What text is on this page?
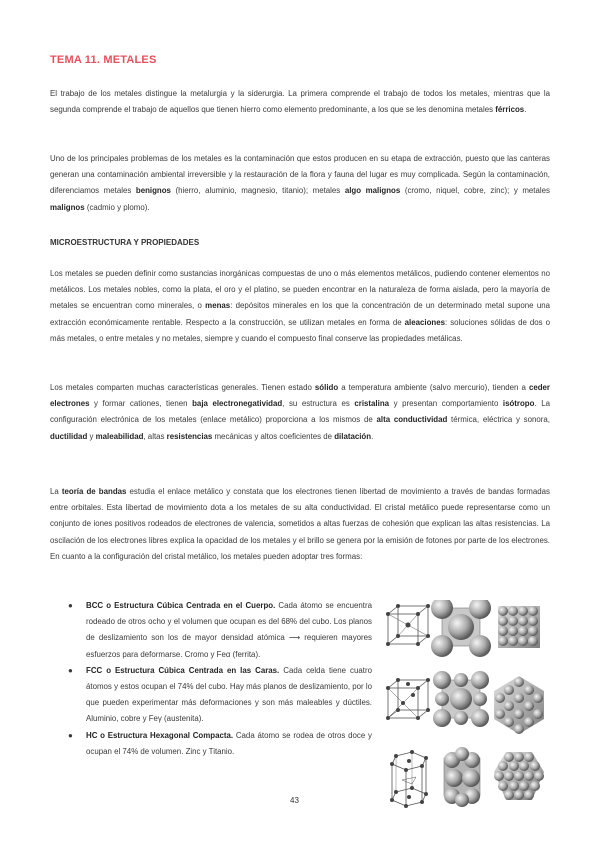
TEMA 11. METALES

El trabajo de los metales distingue la metalurgia y la siderurgia. La primera comprende el trabajo de todos los metales, mientras que la segunda comprende el trabajo de aquellos que tienen hierro como elemento predominante, a los que se les denomina metales férricos.

Uno de los principales problemas de los metales es la contaminación que estos producen en su etapa de extracción, puesto que las canteras generan una contaminación ambiental irreversible y la restauración de la flora y fauna del lugar es muy complicada. Según la contaminación, diferenciamos metales benignos (hierro, aluminio, magnesio, titanio); metales algo malignos (cromo, niquel, cobre, zinc); y metales malignos (cadmio y plomo).

MICROESTRUCTURA Y PROPIEDADES

Los metales se pueden definir como sustancias inorgánicas compuestas de uno o más elementos metálicos, pudiendo contener elementos no metálicos. Los metales nobles, como la plata, el oro y el platino, se pueden encontrar en la naturaleza de forma aislada, pero la mayoría de metales se encuentran como minerales, o menas: depósitos minerales en los que la concentración de un determinado metal supone una extracción económicamente rentable. Respecto a la construcción, se utilizan metales en forma de aleaciones: soluciones sólidas de dos o más metales, o entre metales y no metales, siempre y cuando el compuesto final conserve las propiedades metálicas.

Los metales comparten muchas características generales. Tienen estado sólido a temperatura ambiente (salvo mercurio), tienden a ceder electrones y formar cationes, tienen baja electronegatividad, su estructura es cristalina y presentan comportamiento isótropo. La configuración electrónica de los metales (enlace metálico) proporciona a los mismos de alta conductividad térmica, eléctrica y sonora, ductilidad y maleabilidad, altas resistencias mecánicas y altos coeficientes de dilatación.

La teoría de bandas estudia el enlace metálico y constata que los electrones tienen libertad de movimiento a través de bandas formadas entre orbitales. Esta libertad de movimiento dota a los metales de su alta conductividad. El cristal metálico puede representarse como un conjunto de iones positivos rodeados de electrones de valencia, sometidos a altas fuerzas de cohesión que explican las altas resistencias. La oscilación de los electrones libres explica la opacidad de los metales y el brillo se genera por la emisión de fotones por parte de los electrones. En cuanto a la configuración del cristal metálico, los metales pueden adoptar tres formas:

● BCC o Estructura Cúbica Centrada en el Cuerpo. Cada átomo se encuentra rodeado de otros ocho y el volumen que ocupan es del 68% del cubo. Los planos de deslizamiento son los de mayor densidad atómica ⟶ requieren mayores esfuerzos para deformarse. Cromo y Feα (ferrita).
● FCC o Estructura Cúbica Centrada en las Caras. Cada celda tiene cuatro átomos y estos ocupan el 74% del cubo. Hay más planos de deslizamiento, por lo que pueden experimentar más deformaciones y son más maleables y dúctiles. Aluminio, cobre y Feγ (austenita).
● HC o Estructura Hexagonal Compacta. Cada átomo se rodea de otros doce y ocupan el 74% de volumen. Zinc y Titanio.
43
